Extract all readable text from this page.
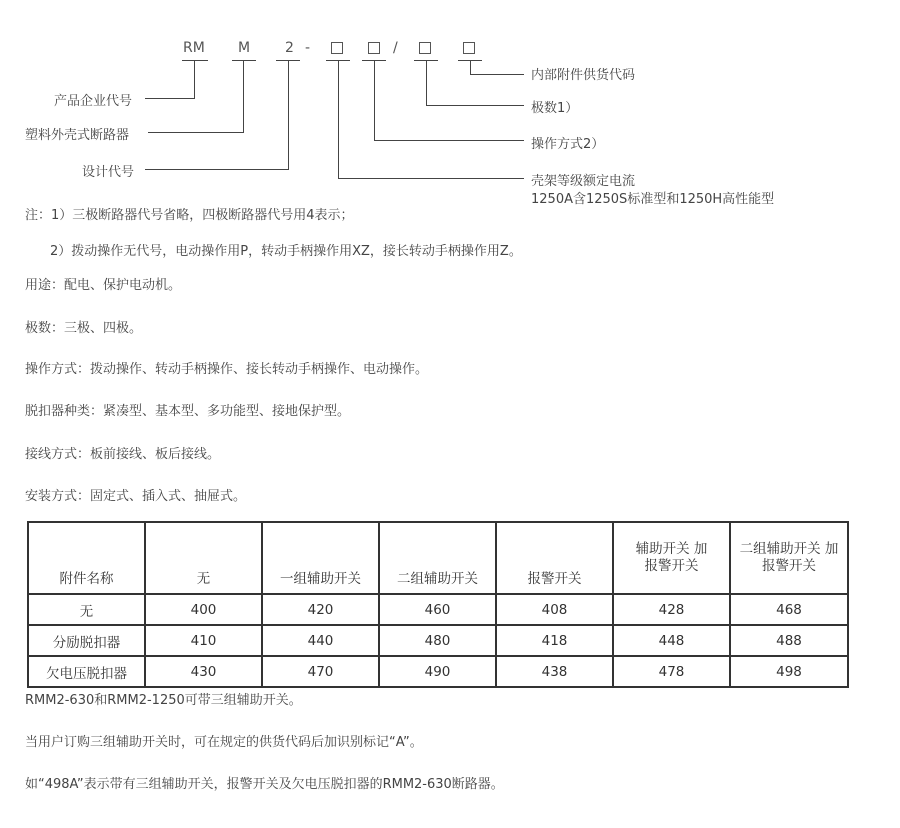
RM M 2 -	/
产品企业代号
塑料外壳式断路器
设计代号
内部附件供货代码
极数1）
操作方式2）
壳架等级额定电流
1250A含1250S标准型和1250H高性能型
注：1）三极断路器代号省略，四极断路器代号用4表示；
2）拨动操作无代号，电动操作用P，转动手柄操作用XZ，接长转动手柄操作用Z。
用途：配电、保护电动机。
极数：三极、四极。
操作方式：拨动操作、转动手柄操作、接长转动手柄操作、电动操作。
脱扣器种类：紧凑型、基本型、多功能型、接地保护型。
接线方式：板前接线、板后接线。
安装方式：固定式、插入式、抽屉式。
附件名称	无	一组辅助开关	二组辅助开关	报警开关	辅助开关 加 报警开关	二组辅助开关 加 报警开关
无	400	420	460	408	428	468
分励脱扣器	410	440	480	418	448	488
欠电压脱扣器	430	470	490	438	478	498
RMM2-630和RMM2-1250可带三组辅助开关。
当用户订购三组辅助开关时，可在规定的供货代码后加识别标记“A”。
如“498A”表示带有三组辅助开关，报警开关及欠电压脱扣器的RMM2-630断路器。
